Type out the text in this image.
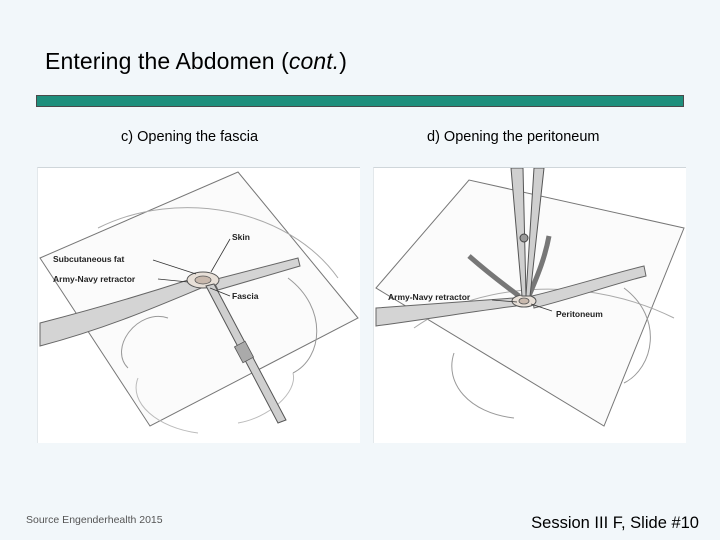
Entering the Abdomen (cont.)
c) Opening the fascia	d) Opening the peritoneum
Skin
Subcutaneous fat
Army-Navy retractor
Fascia	Army-Navy retractor
Peritoneum
Source Engenderhealth 2015	Session III F, Slide #10
